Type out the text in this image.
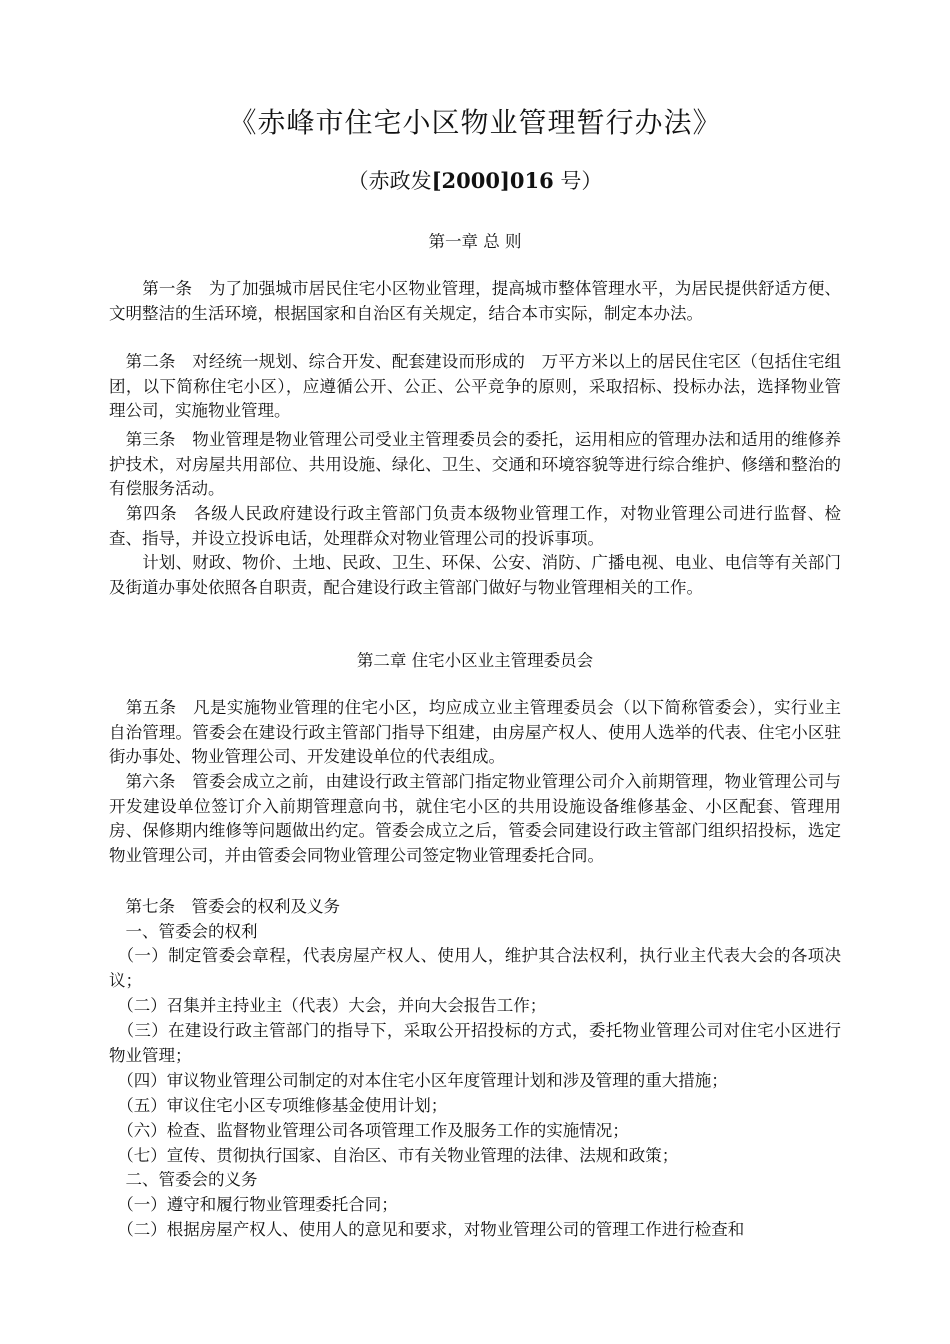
《赤峰市住宅小区物业管理暂行办法》
（赤政发[2000]016 号）
第一章 总 则
　　第一条　为了加强城市居民住宅小区物业管理，提高城市整体管理水平，为居民提供舒适方便、文明整洁的生活环境，根据国家和自治区有关规定，结合本市实际，制定本办法。
　第二条　对经统一规划、综合开发、配套建设而形成的　万平方米以上的居民住宅区（包括住宅组团，以下简称住宅小区），应遵循公开、公正、公平竞争的原则，采取招标、投标办法，选择物业管理公司，实施物业管理。
　第三条　物业管理是物业管理公司受业主管理委员会的委托，运用相应的管理办法和适用的维修养护技术，对房屋共用部位、共用设施、绿化、卫生、交通和环境容貌等进行综合维护、修缮和整治的有偿服务活动。
　第四条　各级人民政府建设行政主管部门负责本级物业管理工作，对物业管理公司进行监督、检查、指导，并设立投诉电话，处理群众对物业管理公司的投诉事项。
　　计划、财政、物价、土地、民政、卫生、环保、公安、消防、广播电视、电业、电信等有关部门及街道办事处依照各自职责，配合建设行政主管部门做好与物业管理相关的工作。
第二章 住宅小区业主管理委员会
　第五条　凡是实施物业管理的住宅小区，均应成立业主管理委员会（以下简称管委会），实行业主自治管理。管委会在建设行政主管部门指导下组建，由房屋产权人、使用人选举的代表、住宅小区驻街办事处、物业管理公司、开发建设单位的代表组成。
　第六条　管委会成立之前，由建设行政主管部门指定物业管理公司介入前期管理，物业管理公司与开发建设单位签订介入前期管理意向书，就住宅小区的共用设施设备维修基金、小区配套、管理用房、保修期内维修等问题做出约定。管委会成立之后，管委会同建设行政主管部门组织招投标，选定物业管理公司，并由管委会同物业管理公司签定物业管理委托合同。
　第七条　管委会的权利及义务
　一、管委会的权利
　（一）制定管委会章程，代表房屋产权人、使用人，维护其合法权利，执行业主代表大会的各项决议；
　（二）召集并主持业主（代表）大会，并向大会报告工作；
　（三）在建设行政主管部门的指导下，采取公开招投标的方式，委托物业管理公司对住宅小区进行物业管理；
　（四）审议物业管理公司制定的对本住宅小区年度管理计划和涉及管理的重大措施；
　（五）审议住宅小区专项维修基金使用计划；
　（六）检查、监督物业管理公司各项管理工作及服务工作的实施情况；
　（七）宣传、贯彻执行国家、自治区、市有关物业管理的法律、法规和政策；
　二、管委会的义务
　（一）遵守和履行物业管理委托合同；
　（二）根据房屋产权人、使用人的意见和要求，对物业管理公司的管理工作进行检查和
